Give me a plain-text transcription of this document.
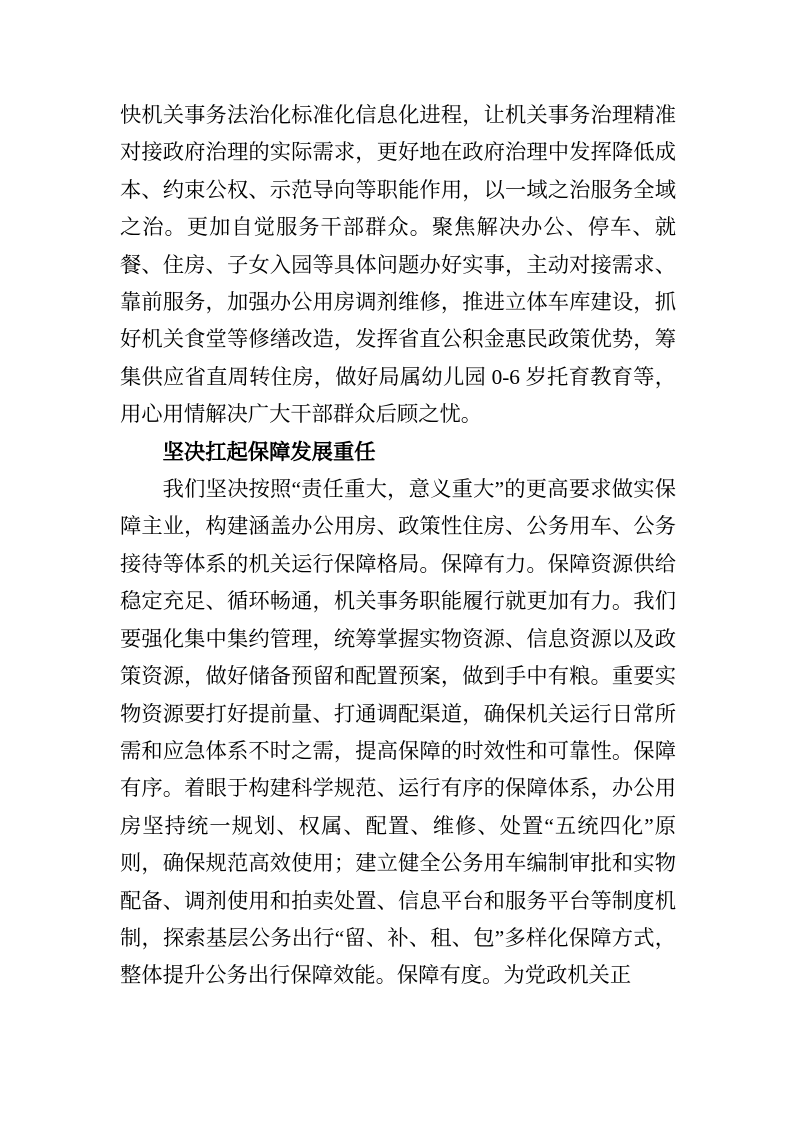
快机关事务法治化标准化信息化进程，让机关事务治理精准对接政府治理的实际需求，更好地在政府治理中发挥降低成本、约束公权、示范导向等职能作用，以一域之治服务全域之治。更加自觉服务干部群众。聚焦解决办公、停车、就餐、住房、子女入园等具体问题办好实事，主动对接需求、靠前服务，加强办公用房调剂维修，推进立体车库建设，抓好机关食堂等修缮改造，发挥省直公积金惠民政策优势，筹集供应省直周转住房，做好局属幼儿园 0-6 岁托育教育等，用心用情解决广大干部群众后顾之忧。

坚决扛起保障发展重任

我们坚决按照“责任重大，意义重大”的更高要求做实保障主业，构建涵盖办公用房、政策性住房、公务用车、公务接待等体系的机关运行保障格局。保障有力。保障资源供给稳定充足、循环畅通，机关事务职能履行就更加有力。我们要强化集中集约管理，统筹掌握实物资源、信息资源以及政策资源，做好储备预留和配置预案，做到手中有粮。重要实物资源要打好提前量、打通调配渠道，确保机关运行日常所需和应急体系不时之需，提高保障的时效性和可靠性。保障有序。着眼于构建科学规范、运行有序的保障体系，办公用房坚持统一规划、权属、配置、维修、处置“五统四化”原则，确保规范高效使用；建立健全公务用车编制审批和实物配备、调剂使用和拍卖处置、信息平台和服务平台等制度机制，探索基层公务出行“留、补、租、包”多样化保障方式，整体提升公务出行保障效能。保障有度。为党政机关正
